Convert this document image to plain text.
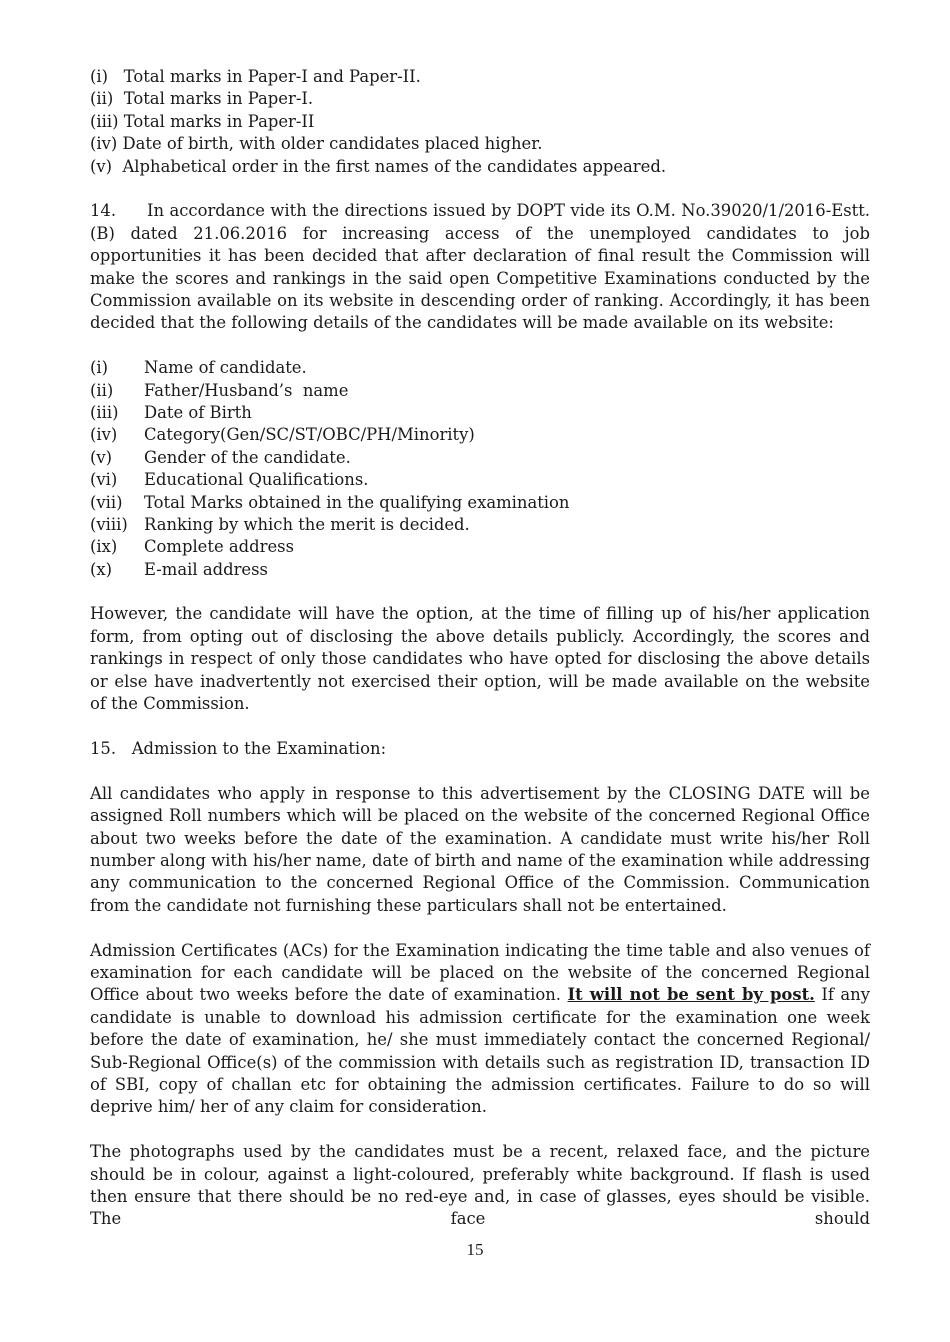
(i)   Total marks in Paper-I and Paper-II.
(ii)  Total marks in Paper-I.
(iii) Total marks in Paper-II
(iv) Date of birth, with older candidates placed higher.
(v)  Alphabetical order in the first names of the candidates appeared.
14. In accordance with the directions issued by DOPT vide its O.M. No.39020/1/2016-Estt. (B) dated 21.06.2016 for increasing access of the unemployed candidates to job opportunities it has been decided that after declaration of final result the Commission will make the scores and rankings in the said open Competitive Examinations conducted by the Commission available on its website in descending order of ranking. Accordingly, it has been decided that the following details of the candidates will be made available on its website:
(i)	Name of candidate.
(ii)	Father/Husband’s  name
(iii)	Date of Birth
(iv)	Category(Gen/SC/ST/OBC/PH/Minority)
(v)	Gender of the candidate.
(vi)	Educational Qualifications.
(vii)	Total Marks obtained in the qualifying examination
(viii) Ranking by which the merit is decided.
(ix)	Complete address
(x)	E-mail address
However, the candidate will have the option, at the time of filling up of his/her application form, from opting out of disclosing the above details publicly. Accordingly, the scores and rankings in respect of only those candidates who have opted for disclosing the above details or else have inadvertently not exercised their option, will be made available on the website of the Commission.
15.   Admission to the Examination:
All candidates who apply in response to this advertisement by the CLOSING DATE will be assigned Roll numbers which will be placed on the website of the concerned Regional Office about two weeks before the date of the examination. A candidate must write his/her Roll number along with his/her name, date of birth and name of the examination while addressing any communication to the concerned Regional Office of the Commission. Communication from the candidate not furnishing these particulars shall not be entertained.
Admission Certificates (ACs) for the Examination indicating the time table and also venues of examination for each candidate will be placed on the website of the concerned Regional Office about two weeks before the date of examination. It will not be sent by post. If any candidate is unable to download his admission certificate for the examination one week before the date of examination, he/ she must immediately contact the concerned Regional/ Sub-Regional Office(s) of the commission with details such as registration ID, transaction ID of SBI, copy of challan etc for obtaining the admission certificates. Failure to do so will deprive him/ her of any claim for consideration.
The photographs used by the candidates must be a recent, relaxed face, and the picture should be in colour, against a light-coloured, preferably white background. If flash is used then ensure that there should be no red-eye and, in case of glasses, eyes should be visible. The face should
15
